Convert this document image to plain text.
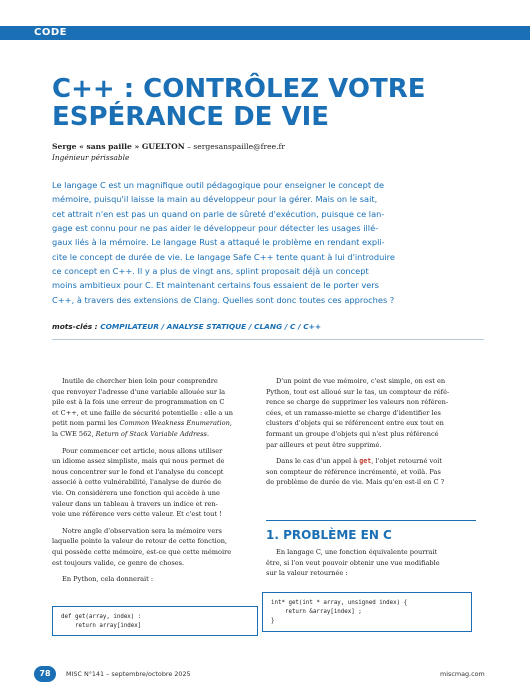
CODE
C++ : CONTRÔLEZ VOTRE
ESPÉRANCE DE VIE
Serge « sans paille » GUELTON – sergesanspaille@free.fr
Ingénieur périssable
Le langage C est un magnifique outil pédagogique pour enseigner le concept de
mémoire, puisqu'il laisse la main au développeur pour la gérer. Mais on le sait,
cet attrait n'en est pas un quand on parle de sûreté d'exécution, puisque ce lan-
gage est connu pour ne pas aider le développeur pour détecter les usages illé-
gaux liés à la mémoire. Le langage Rust a attaqué le problème en rendant expli-
cite le concept de durée de vie. Le langage Safe C++ tente quant à lui d'introduire
ce concept en C++. Il y a plus de vingt ans, splint proposait déjà un concept
moins ambitieux pour C. Et maintenant certains fous essaient de le porter vers
C++, à travers des extensions de Clang. Quelles sont donc toutes ces approches ?
mots-clés : COMPILATEUR / ANALYSE STATIQUE / CLANG / C / C++

Inutile de chercher bien loin pour comprendre
que renvoyer l'adresse d'une variable allouée sur la
pile est à la fois une erreur de programmation en C
et C++, et une faille de sécurité potentielle : elle a un
petit nom parmi les Common Weakness Enumeration,
la CWE 562, Return of Stack Variable Address.

Pour commencer cet article, nous allons utiliser
un idiome assez simpliste, mais qui nous permet de
nous concentrer sur le fond et l'analyse du concept
associé à cette vulnérabilité, l'analyse de durée de
vie. On considérera une fonction qui accède à une
valeur dans un tableau à travers un indice et ren-
voie une référence vers cette valeur. Et c'est tout !

Notre angle d'observation sera la mémoire vers
laquelle pointe la valeur de retour de cette fonction,
qui possède cette mémoire, est-ce que cette mémoire
est toujours valide, ce genre de choses.

En Python, cela donnerait :

def get(array, index) :
return array[index]

D'un point de vue mémoire, c'est simple, on est en
Python, tout est alloué sur le tas, un compteur de réfé-
rence se charge de supprimer les valeurs non référen-
cées, et un ramasse-miette se charge d'identifier les
clusters d'objets qui se référencent entre eux tout en
formant un groupe d'objets qui n'est plus référencé
par ailleurs et peut être supprimé.

Dans le cas d'un appel à get, l'objet retourné voit
son compteur de référence incrémenté, et voilà. Pas
de problème de durée de vie. Mais qu'en est-il en C ?

1. PROBLÈME EN C

En langage C, une fonction équivalente pourrait
être, si l'on veut pouvoir obtenir une vue modifiable
sur la valeur retournée :

int* get(int * array, unsigned index) {
return &array[index] ;
}
78	MISC N°141 – septembre/octobre 2025	miscmag.com
